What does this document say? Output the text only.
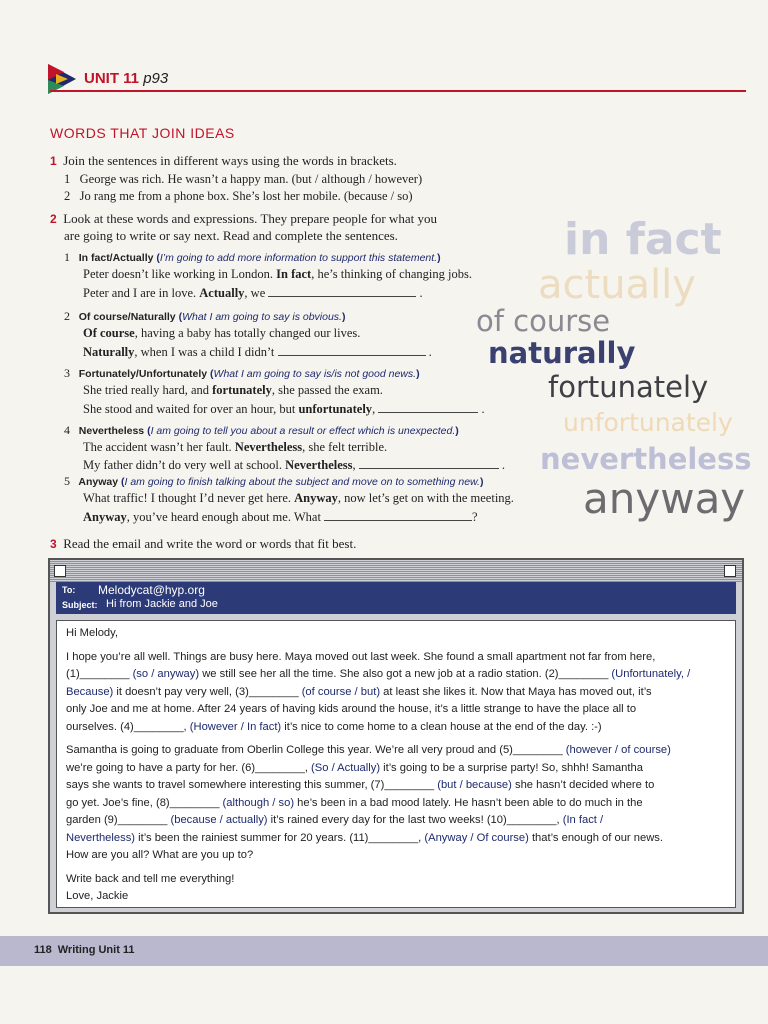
UNIT 11 p93
WORDS THAT JOIN IDEAS
1 Join the sentences in different ways using the words in brackets.
1 George was rich. He wasn’t a happy man. (but / although / however)
2 Jo rang me from a phone box. She’s lost her mobile. (because / so)
2 Look at these words and expressions. They prepare people for what you
are going to write or say next. Read and complete the sentences.
1 In fact/Actually (I’m going to add more information to support this statement.)
Peter doesn’t like working in London. In fact, he’s thinking of changing jobs.
Peter and I are in love. Actually, we	.
2 Of course/Naturally (What I am going to say is obvious.)
Of course, having a baby has totally changed our lives.
Naturally, when I was a child I didn’t	.
3 Fortunately/Unfortunately (What I am going to say is/is not good news.)
She tried really hard, and fortunately, she passed the exam.
She stood and waited for over an hour, but unfortunately,	.
4 Nevertheless (I am going to tell you about a result or effect which is unexpected.)
The accident wasn’t her fault. Nevertheless, she felt terrible.
My father didn’t do very well at school. Nevertheless,	.
5 Anyway (I am going to finish talking about the subject and move on to something new.)
What traffic! I thought I’d never get here. Anyway, now let’s get on with the meeting.
Anyway, you’ve heard enough about me. What	?
in fact
actually
of course
naturally
fortunately
unfortunately
nevertheless
anyway
3 Read the email and write the word or words that fit best.
To: Melodycat@hyp.org
Subject: Hi from Jackie and Joe

Hi Melody,

I hope you’re all well. Things are busy here. Maya moved out last week. She found a small apartment not far from here,
(1)________ (so / anyway) we still see her all the time. She also got a new job at a radio station. (2)________ (Unfortunately, /
Because) it doesn’t pay very well, (3)________ (of course / but) at least she likes it. Now that Maya has moved out, it’s
only Joe and me at home. After 24 years of having kids around the house, it’s a little strange to have the place all to
ourselves. (4)________, (However / In fact) it’s nice to come home to a clean house at the end of the day. :-)

Samantha is going to graduate from Oberlin College this year. We’re all very proud and (5)________ (however / of course)
we’re going to have a party for her. (6)________, (So / Actually) it’s going to be a surprise party! So, shhh! Samantha
says she wants to travel somewhere interesting this summer, (7)________ (but / because) she hasn’t decided where to
go yet. Joe’s fine, (8)________ (although / so) he’s been in a bad mood lately. He hasn’t been able to do much in the
garden (9)________ (because / actually) it’s rained every day for the last two weeks! (10)________, (In fact /
Nevertheless) it’s been the rainiest summer for 20 years. (11)________, (Anyway / Of course) that’s enough of our news.
How are you all? What are you up to?

Write back and tell me everything!
Love, Jackie

118 Writing Unit 11
